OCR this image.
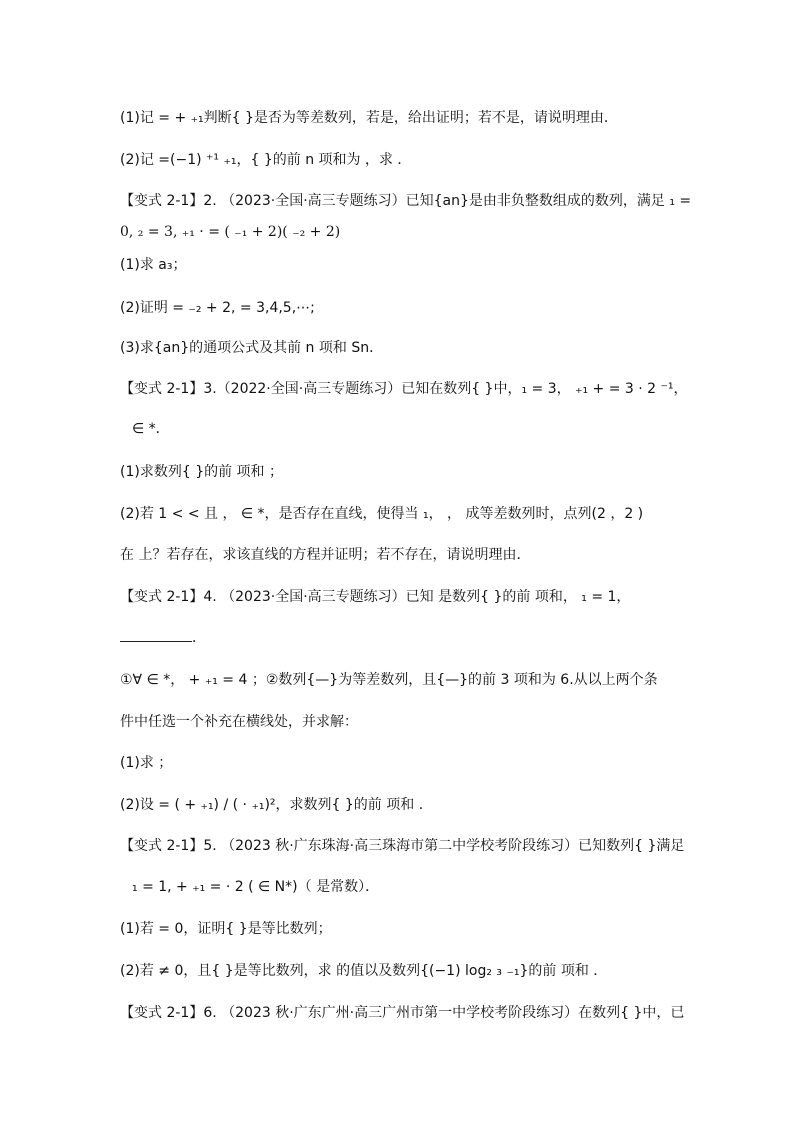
(1)记 = + ₊₁判断{ }是否为等差数列，若是，给出证明；若不是，请说明理由．
(2)记 =(−1) ⁺¹ ₊₁，{ }的前 n 项和为 ，求 ．
【变式 2-1】2. （2023·全国·高三专题练习）已知{an}是由非负整数组成的数列，满足 ₁ =
0, ₂ = 3, ₊₁ · = ( ₋₁ + 2)( ₋₂ + 2)
(1)求 a₃；
(2)证明 = ₋₂ + 2, = 3,4,5,⋯;
(3)求{an}的通项公式及其前 n 项和 Sn．
【变式 2-1】3.（2022·全国·高三专题练习）已知在数列{ }中，₁ = 3， ₊₁ + = 3 · 2 ⁻¹，
∈ *．
(1)求数列{ }的前 项和 ；
(2)若 1 < < 且 ， ∈ *，是否存在直线，使得当 ₁， ， 成等差数列时，点列(2 ，2 )
在 上？若存在，求该直线的方程并证明；若不存在，请说明理由．
【变式 2-1】4. （2023·全国·高三专题练习）已知 是数列{ }的前 项和， ₁ = 1，
．
①∀ ∈ *， + ₊₁ = 4 ；②数列{—}为等差数列，且{—}的前 3 项和为 6.从以上两个条
件中任选一个补充在横线处，并求解：
(1)求 ；
(2)设 = ( + ₊₁) / ( · ₊₁)²，求数列{ }的前 项和 ．
【变式 2-1】5. （2023 秋·广东珠海·高三珠海市第二中学校考阶段练习）已知数列{ }满足
₁ = 1, + ₊₁ = · 2 ( ∈ N*)（ 是常数）．
(1)若 = 0，证明{ }是等比数列；
(2)若 ≠ 0，且{ }是等比数列，求 的值以及数列{(−1) log₂ ₃ ₋₁}的前 项和 ．
【变式 2-1】6. （2023 秋·广东广州·高三广州市第一中学校考阶段练习）在数列{ }中，已
